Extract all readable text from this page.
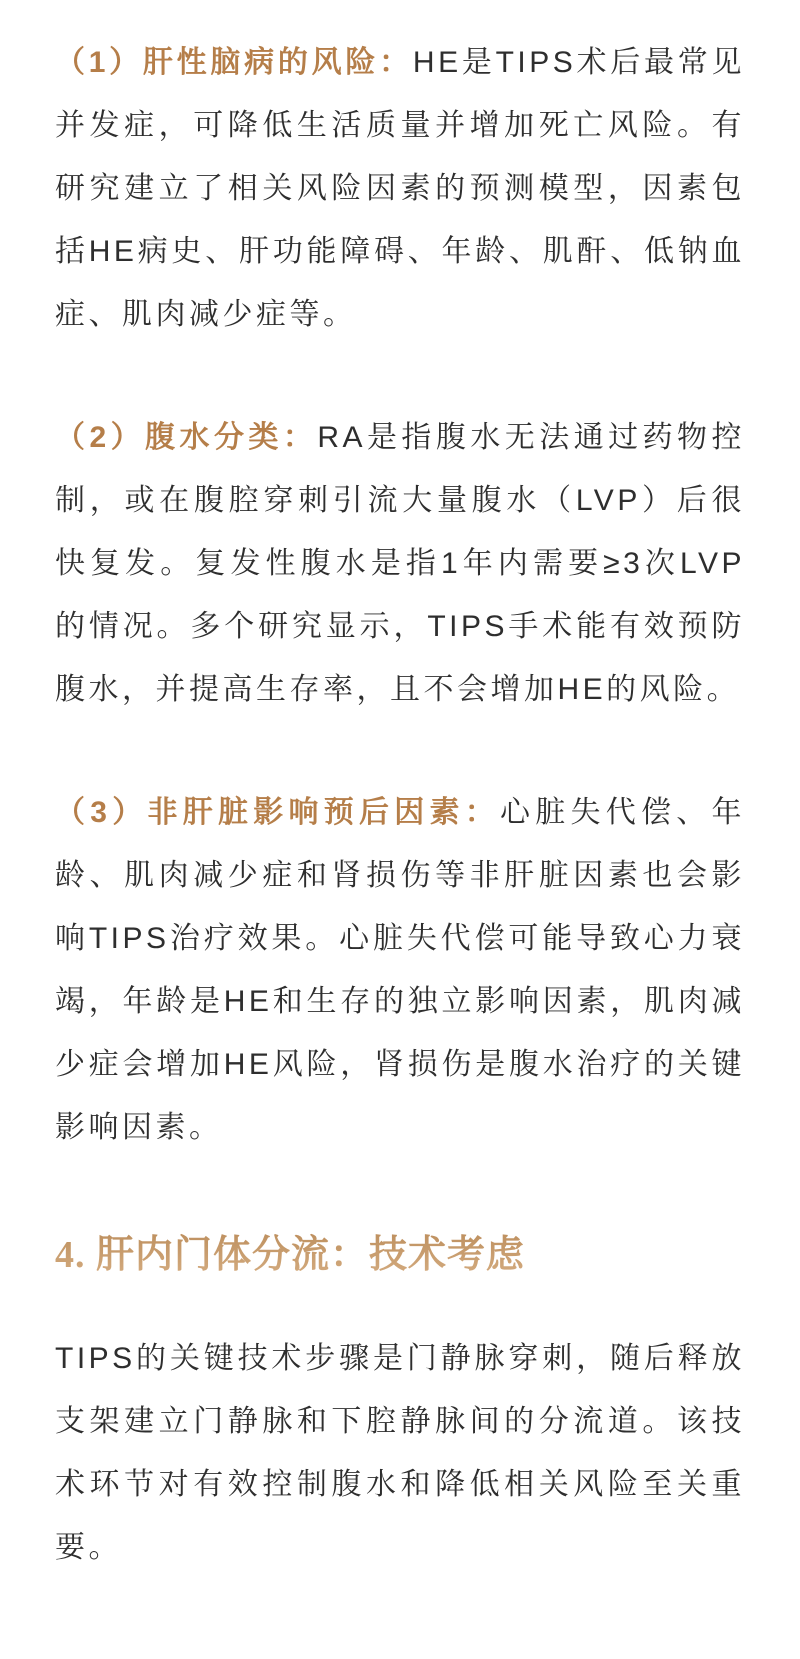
（1）肝性脑病的风险：HE是TIPS术后最常见并发症，可降低生活质量并增加死亡风险。有研究建立了相关风险因素的预测模型，因素包括HE病史、肝功能障碍、年龄、肌酐、低钠血症、肌肉减少症等。

（2）腹水分类：RA是指腹水无法通过药物控制，或在腹腔穿刺引流大量腹水（LVP）后很快复发。复发性腹水是指1年内需要≥3次LVP的情况。多个研究显示，TIPS手术能有效预防腹水，并提高生存率，且不会增加HE的风险。

（3）非肝脏影响预后因素：心脏失代偿、年龄、肌肉减少症和肾损伤等非肝脏因素也会影响TIPS治疗效果。心脏失代偿可能导致心力衰竭，年龄是HE和生存的独立影响因素，肌肉减少症会增加HE风险，肾损伤是腹水治疗的关键影响因素。

4. 肝内门体分流：技术考虑

TIPS的关键技术步骤是门静脉穿刺，随后释放支架建立门静脉和下腔静脉间的分流道。该技术环节对有效控制腹水和降低相关风险至关重要。
